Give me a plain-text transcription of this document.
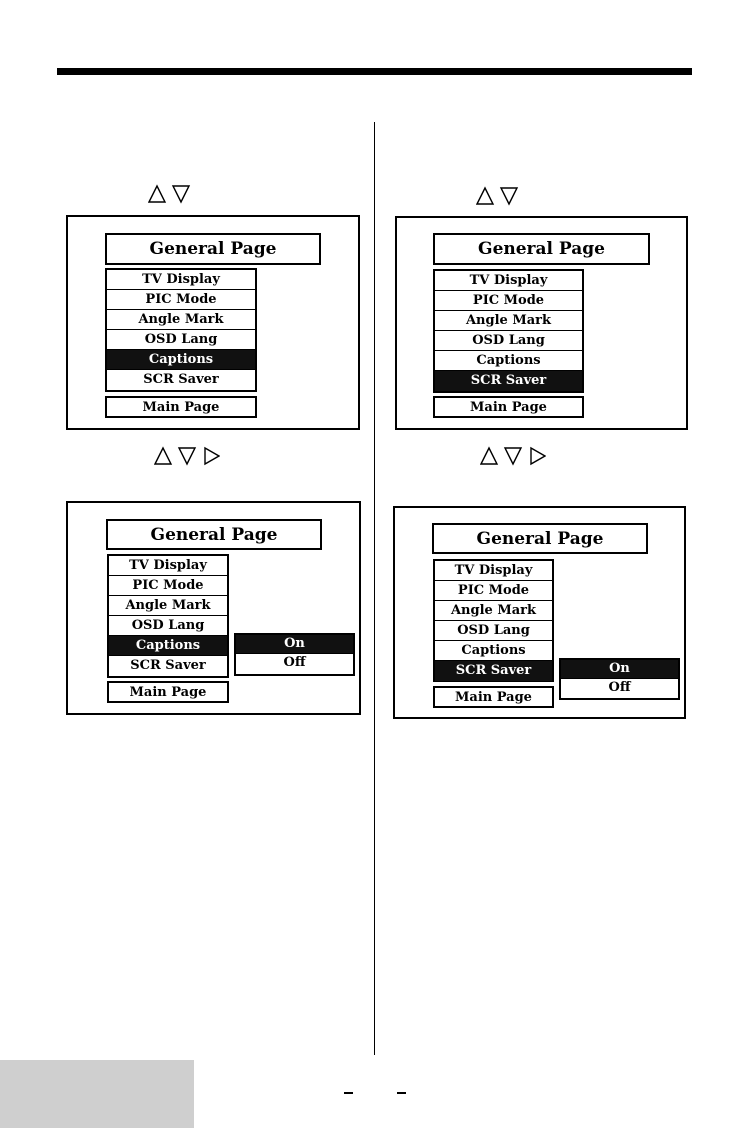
General Page
TV Display
PIC Mode
Angle Mark
OSD Lang
Captions
SCR Saver
Main Page
General Page
TV Display
PIC Mode
Angle Mark
OSD Lang
Captions
SCR Saver
Main Page
General Page
TV Display
PIC Mode
Angle Mark
OSD Lang
Captions
SCR Saver
On
Off
Main Page
General Page
TV Display
PIC Mode
Angle Mark
OSD Lang
Captions
SCR Saver	On
Off
Main Page
